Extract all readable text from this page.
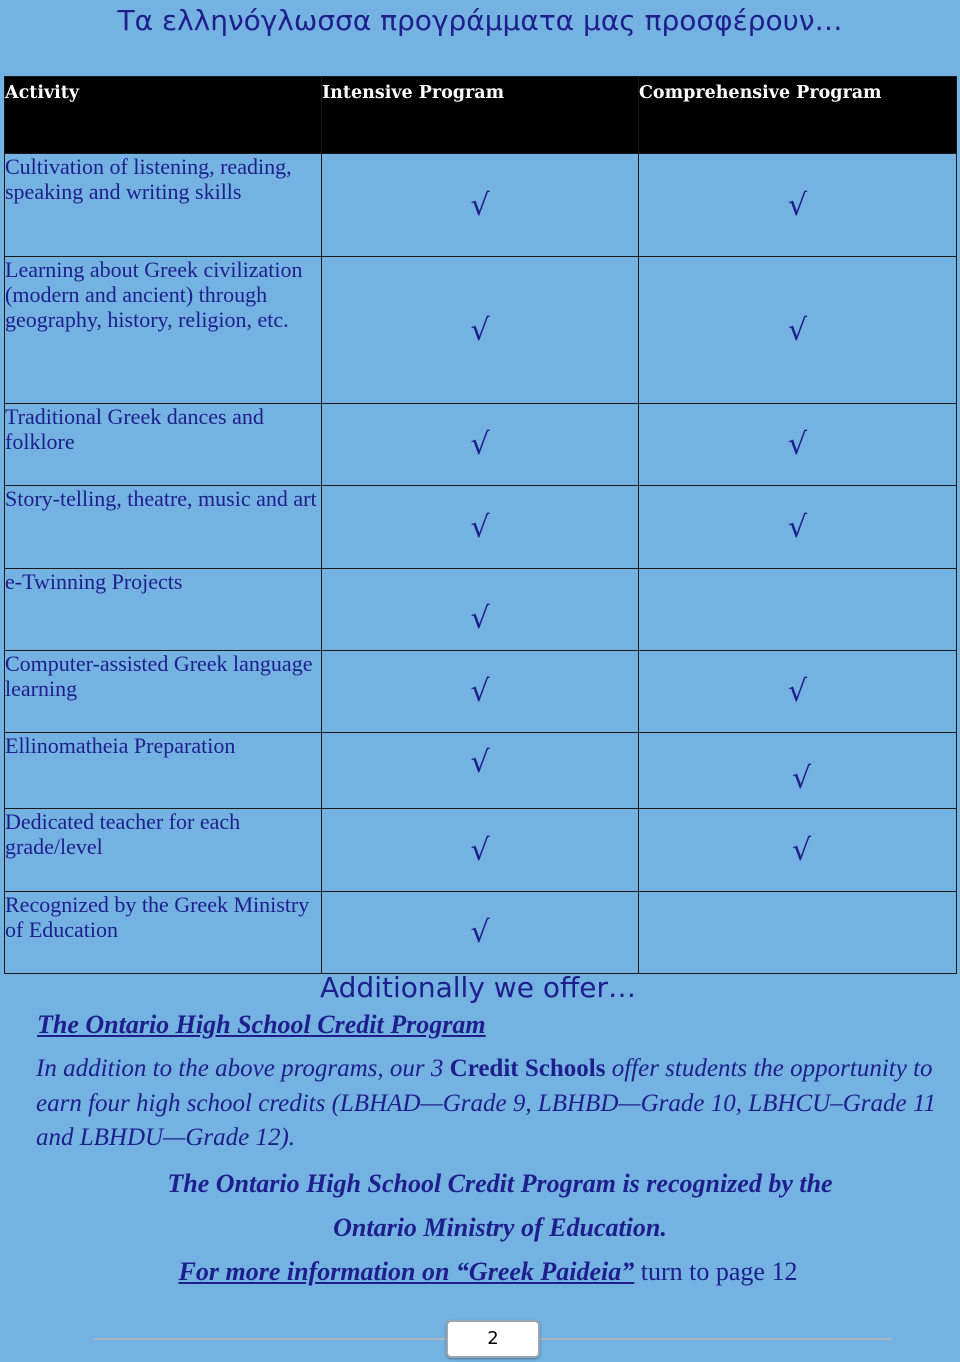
Τα ελληνόγλωσσα προγράμματα μας προσφέρουν…
Activity	Intensive Program	Comprehensive Program
Cultivation of listening, reading, speaking and writing skills	√	√
Learning about Greek civilization (modern and ancient) through geography, history, religion, etc.	√	√
Traditional Greek dances and folklore	√	√
Story-telling, theatre, music and art	√	√
e-Twinning Projects	√	
Computer-assisted Greek language learning	√	√
Ellinomatheia Preparation	√	√
Dedicated teacher for each grade/level	√	√
Recognized by the Greek Ministry of Education	√	
Additionally we offer…
The Ontario High School Credit Program
In addition to the above programs, our 3 Credit Schools offer students the opportunity to earn four high school credits (LBHAD—Grade 9, LBHBD—Grade 10, LBHCU–Grade 11 and LBHDU—Grade 12).
The Ontario High School Credit Program is recognized by the
Ontario Ministry of Education.
For more information on “Greek Paideia” turn to page 12
2
